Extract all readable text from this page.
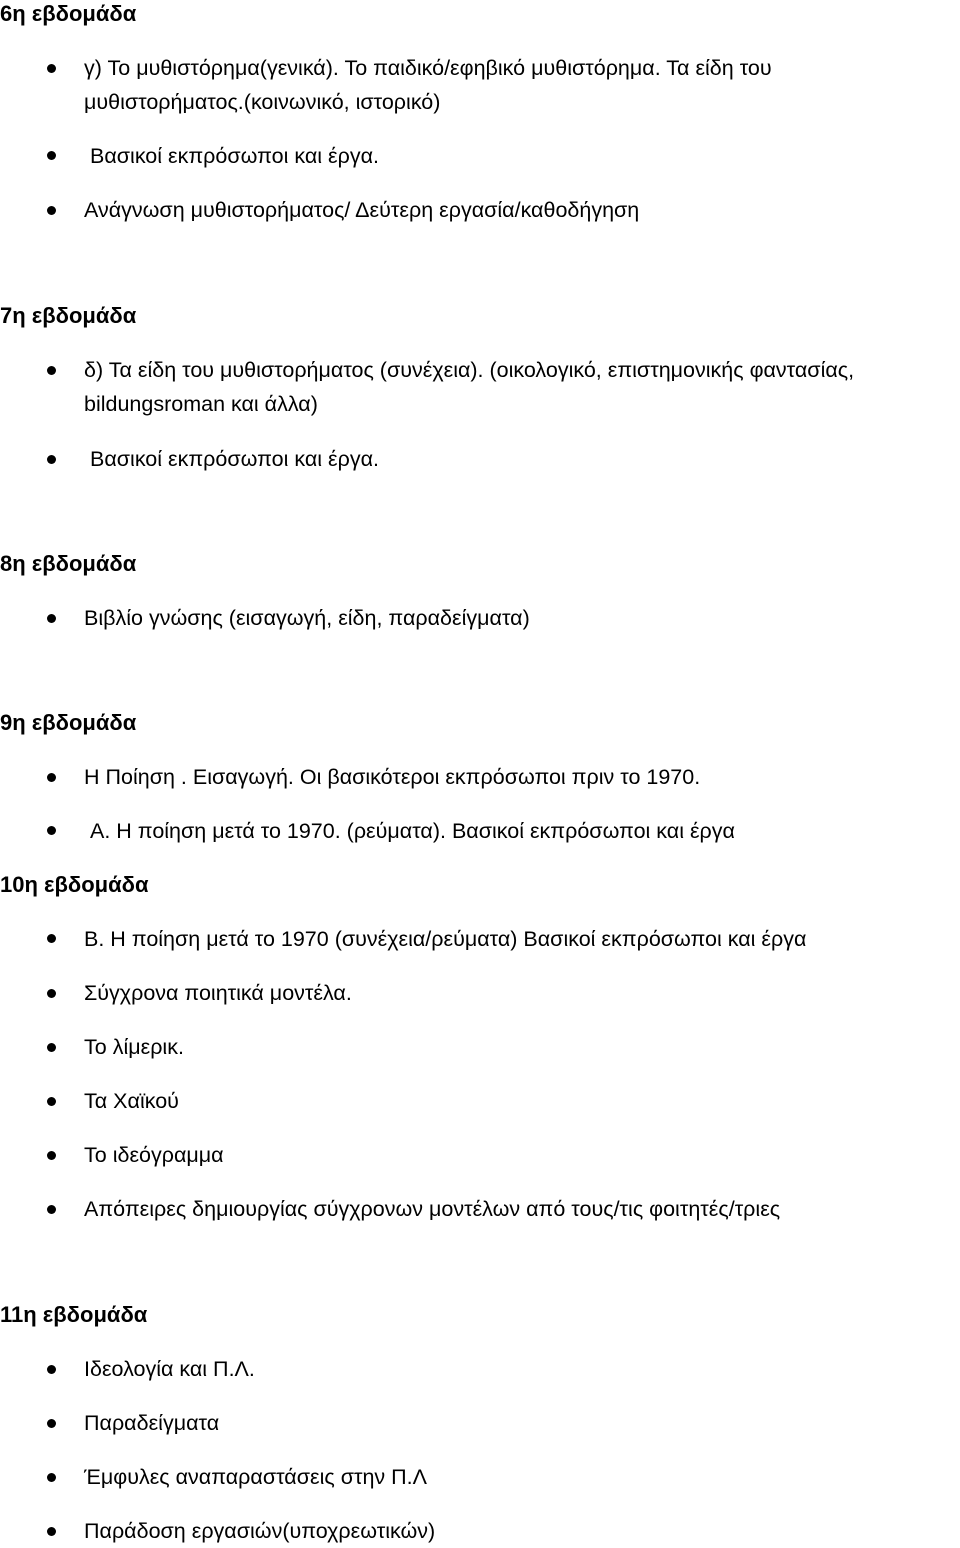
6η εβδομάδα
γ) Το μυθιστόρημα(γενικά). Το παιδικό/εφηβικό μυθιστόρημα. Τα είδη του
μυθιστορήματος.(κοινωνικό, ιστορικό)
Βασικοί εκπρόσωποι και έργα.
Ανάγνωση μυθιστορήματος/ Δεύτερη εργασία/καθοδήγηση
7η εβδομάδα
δ) Τα είδη του μυθιστορήματος (συνέχεια). (οικολογικό, επιστημονικής φαντασίας,
bildungsroman και άλλα)
Βασικοί εκπρόσωποι και έργα.
8η εβδομάδα
Βιβλίο γνώσης (εισαγωγή, είδη, παραδείγματα)
9η εβδομάδα
Η Ποίηση . Εισαγωγή. Οι βασικότεροι εκπρόσωποι πριν το 1970.
Α. Η ποίηση μετά το 1970. (ρεύματα). Βασικοί εκπρόσωποι και έργα
10η εβδομάδα
Β. Η ποίηση μετά το 1970 (συνέχεια/ρεύματα) Βασικοί εκπρόσωποι και έργα
Σύγχρονα ποιητικά μοντέλα.
Το λίμερικ.
Τα Χαϊκού
Το ιδεόγραμμα
Απόπειρες δημιουργίας σύγχρονων μοντέλων από τους/τις φοιτητές/τριες
11η εβδομάδα
Ιδεολογία και Π.Λ.
Παραδείγματα
Έμφυλες αναπαραστάσεις στην Π.Λ
Παράδοση εργασιών(υποχρεωτικών)
